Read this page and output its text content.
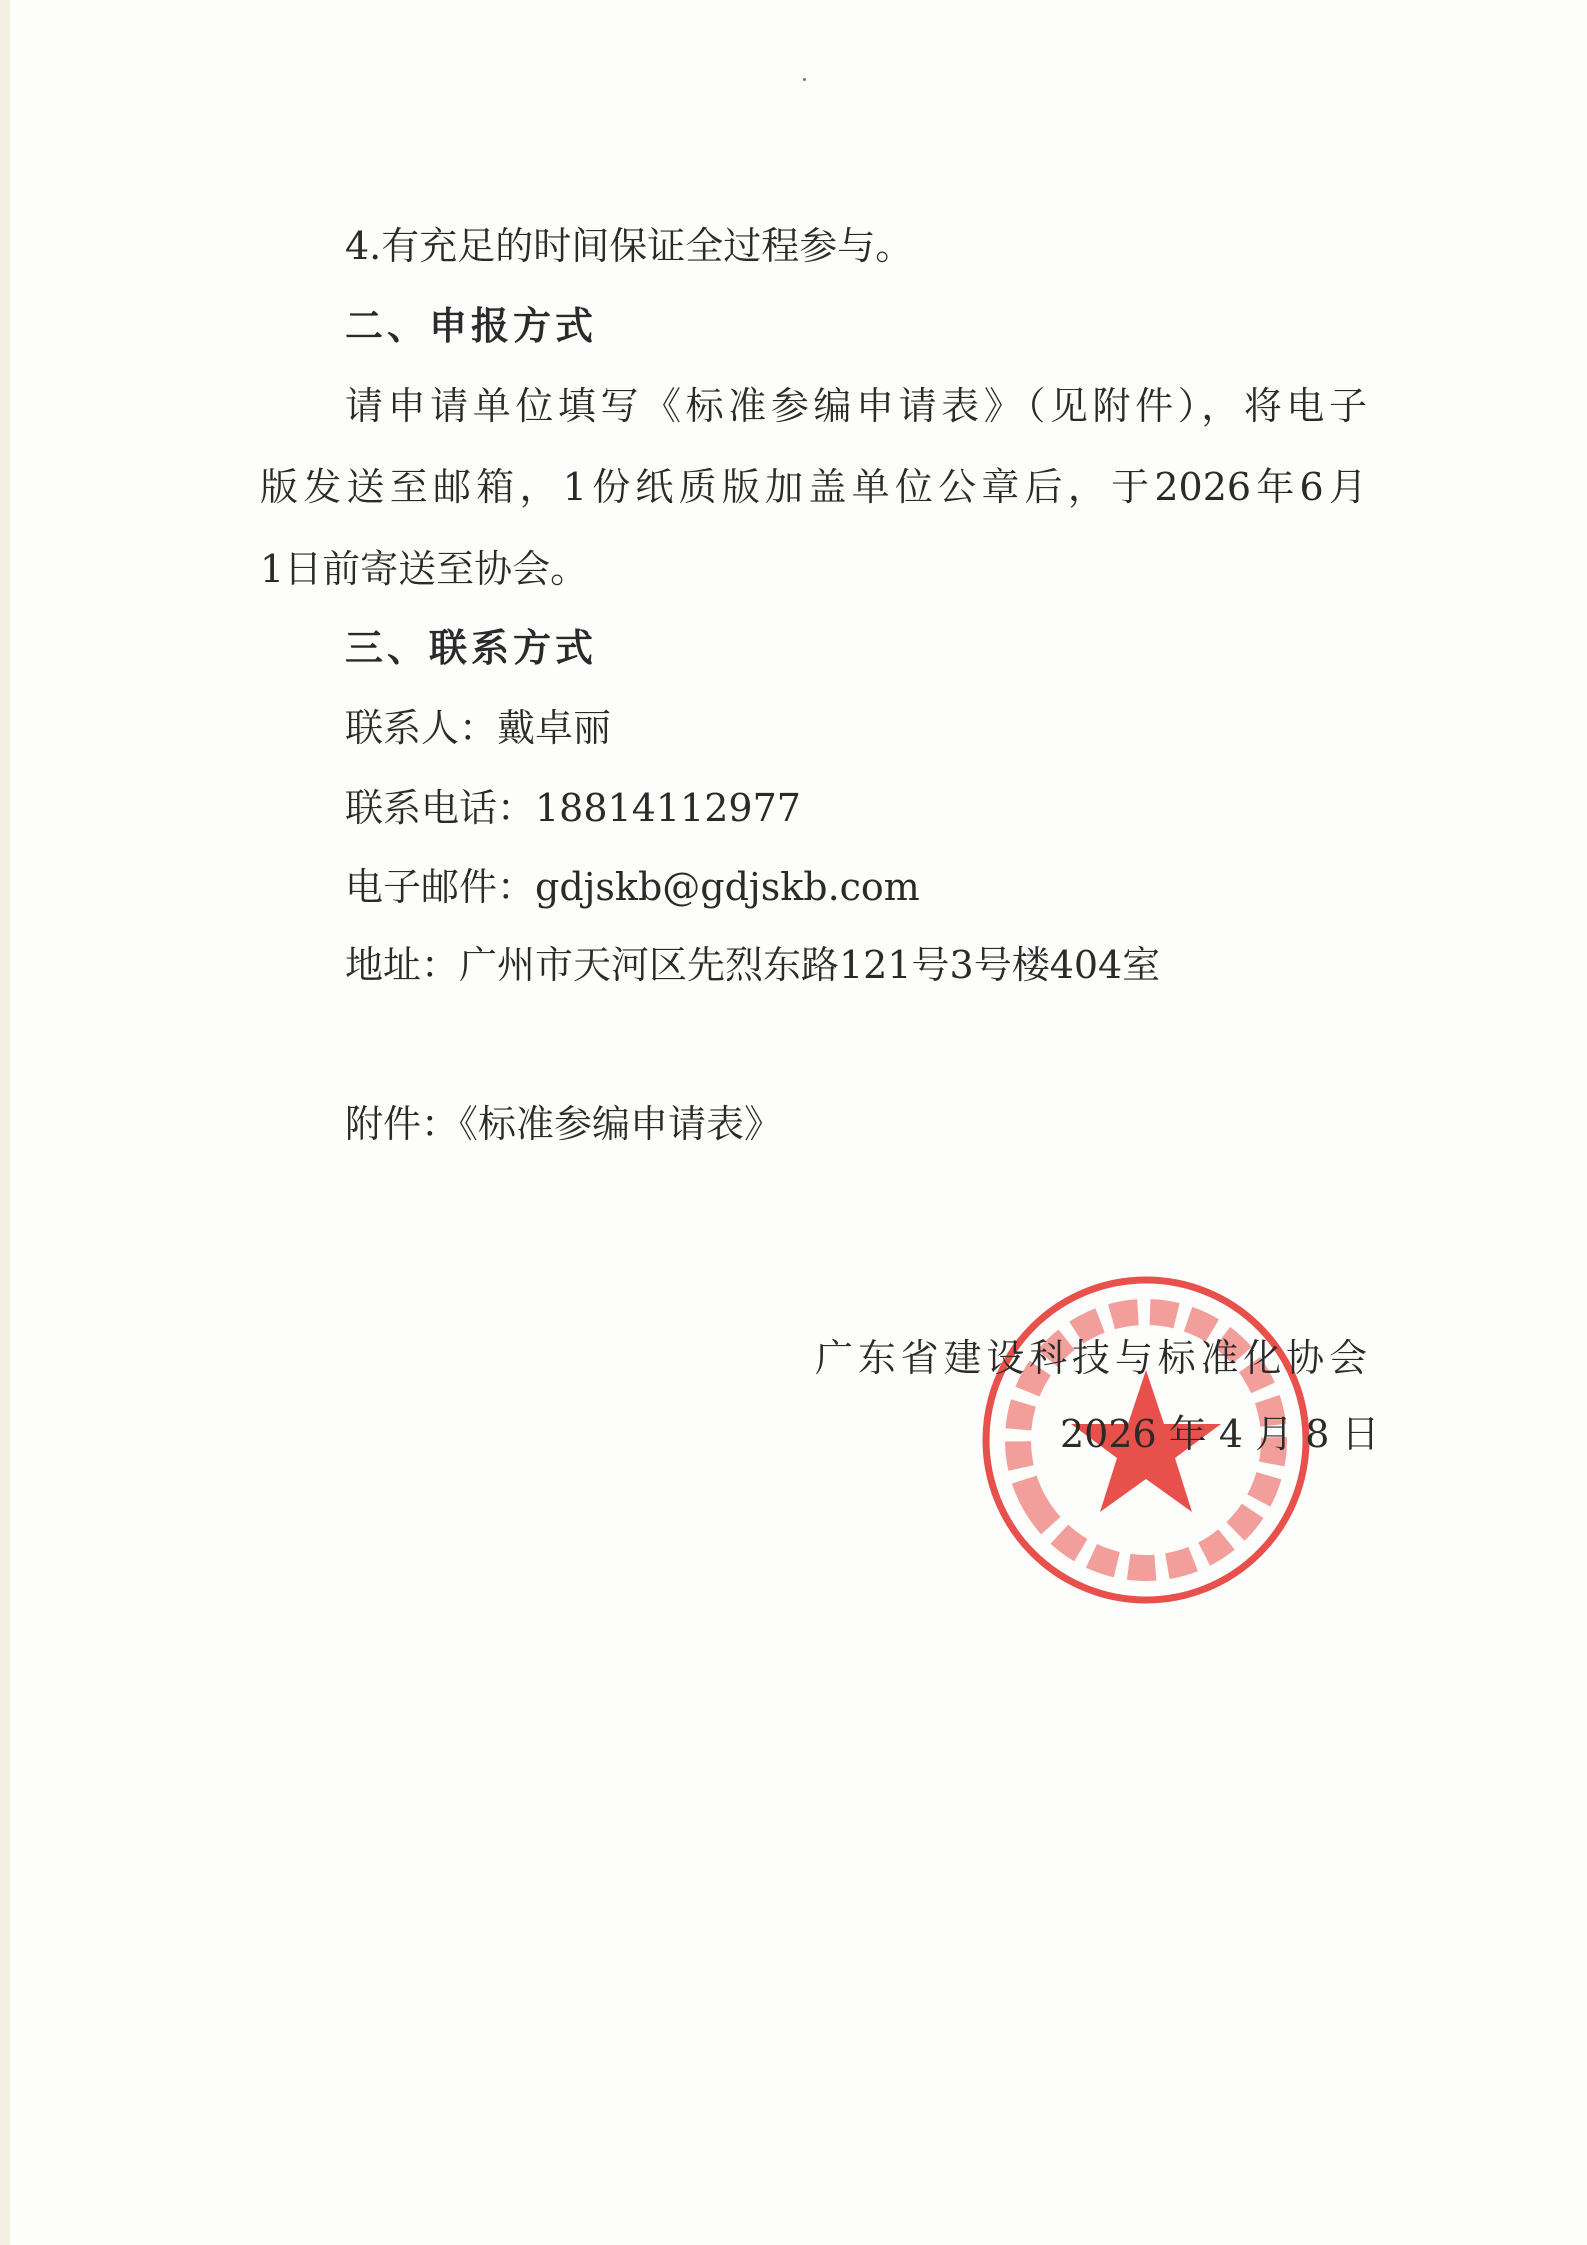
4.有充足的时间保证全过程参与。
二、申报方式
请申请单位填写《标准参编申请表》（见附件），将电子
版发送至邮箱，1份纸质版加盖单位公章后，于2026年6月
1日前寄送至协会。
三、联系方式
联系人：戴卓丽
联系电话：18814112977
电子邮件：gdjskb@gdjskb.com
地址：广州市天河区先烈东路121号3号楼404室
附件：《标准参编申请表》
广东省建设科技与标准化协会
2026 年 4 月 8 日
